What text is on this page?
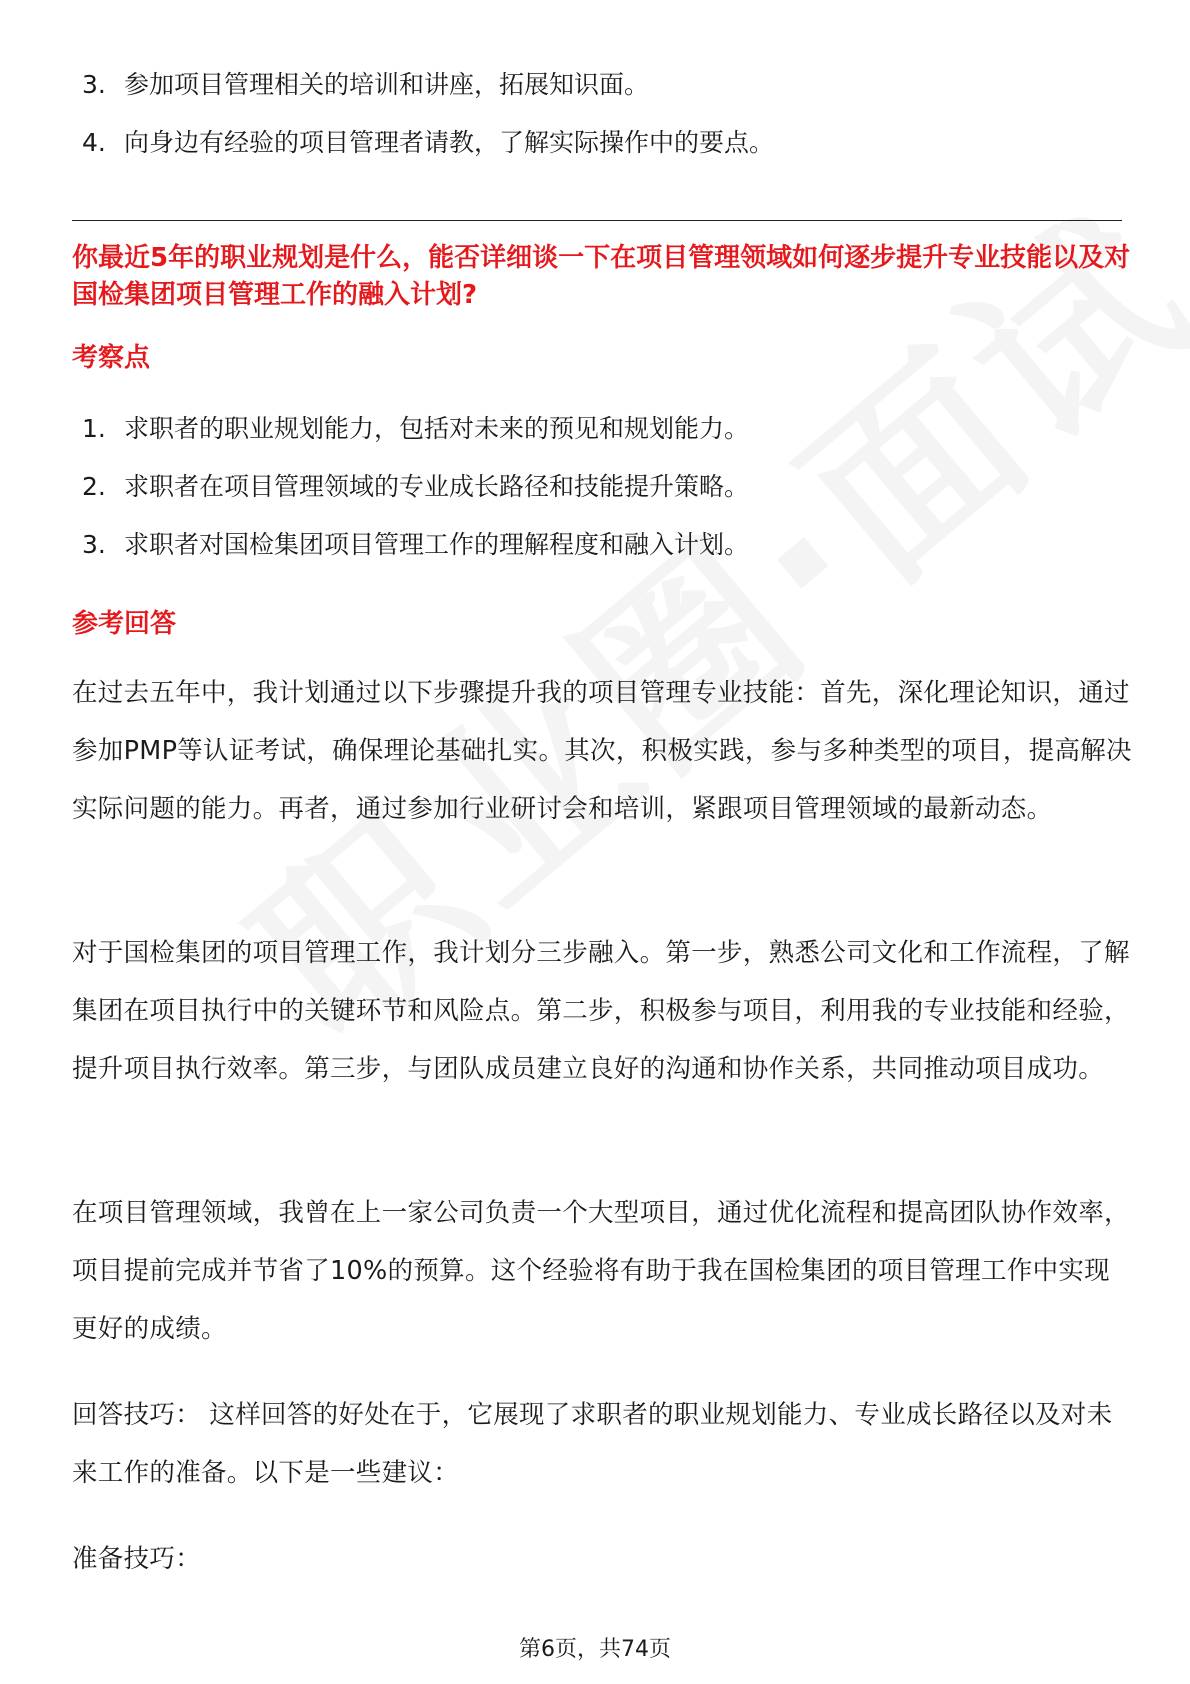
3. 参加项目管理相关的培训和讲座，拓展知识面。
4. 向身边有经验的项目管理者请教，了解实际操作中的要点。
你最近5年的职业规划是什么，能否详细谈一下在项目管理领域如何逐步提升专业技能以及对国检集团项目管理工作的融入计划?
考察点
1. 求职者的职业规划能力，包括对未来的预见和规划能力。
2. 求职者在项目管理领域的专业成长路径和技能提升策略。
3. 求职者对国检集团项目管理工作的理解程度和融入计划。
参考回答

在过去五年中，我计划通过以下步骤提升我的项目管理专业技能：首先，深化理论知识，通过参加PMP等认证考试，确保理论基础扎实。其次，积极实践，参与多种类型的项目，提高解决实际问题的能力。再者，通过参加行业研讨会和培训，紧跟项目管理领域的最新动态。

对于国检集团的项目管理工作，我计划分三步融入。第一步，熟悉公司文化和工作流程，了解集团在项目执行中的关键环节和风险点。第二步，积极参与项目，利用我的专业技能和经验，提升项目执行效率。第三步，与团队成员建立良好的沟通和协作关系，共同推动项目成功。

在项目管理领域，我曾在上一家公司负责一个大型项目，通过优化流程和提高团队协作效率，项目提前完成并节省了10%的预算。这个经验将有助于我在国检集团的项目管理工作中实现更好的成绩。

回答技巧： 这样回答的好处在于，它展现了求职者的职业规划能力、专业成长路径以及对未来工作的准备。以下是一些建议：

准备技巧：

第6页，共74页
